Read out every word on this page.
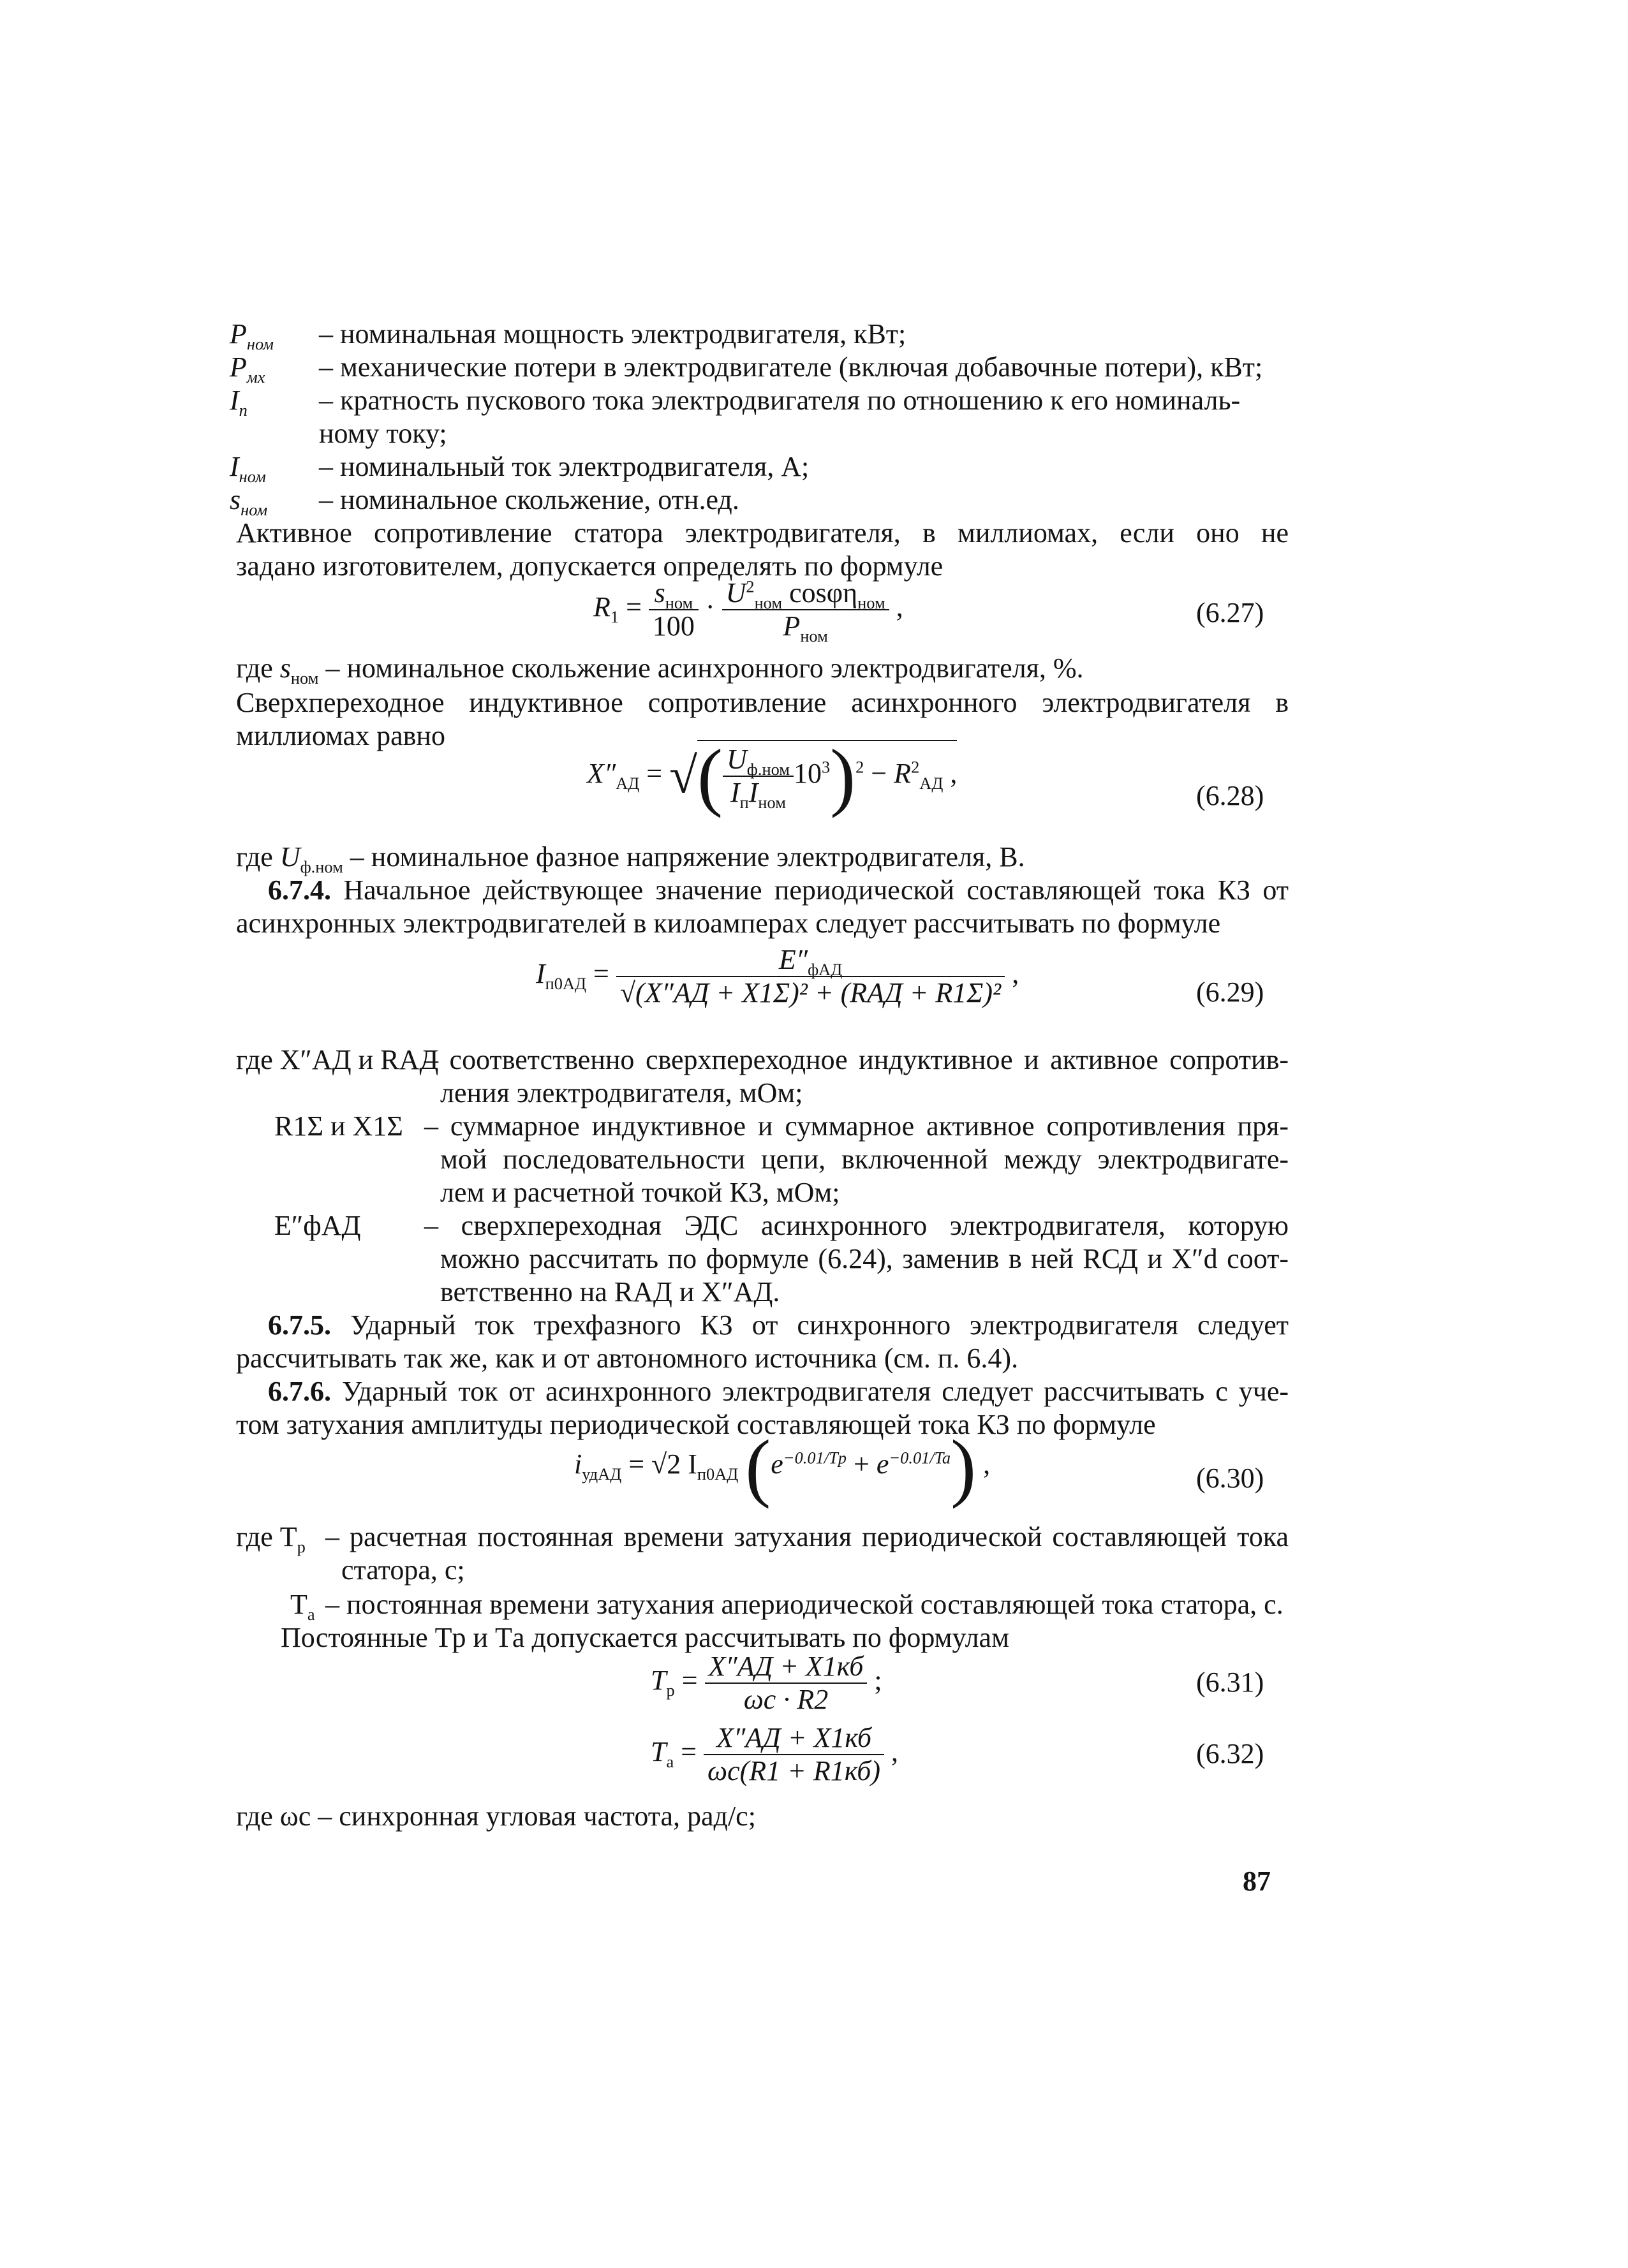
$P_{ном}$ – номинальная мощность электродвигателя, кВт;
$P_{мх}$ – механические потери в электродвигателе (включая добавочные потери), кВт;
$I_п$	– кратность пускового тока электродвигателя по отношению к его номиналь-
ному току;
$I_{ном}$ – номинальный ток электродвигателя, А;
$s_{ном}$ – номинальное скольжение, отн.ед.
Активное сопротивление статора электродвигателя, в миллиомах, если оно не
задано изготовителем, допускается определять по формуле
$R_1 = \frac{s_{ном}}{100} \cdot \frac{U^2_{ном} \cos\varphi\eta_{ном}}{P_{ном}}$ ,	(6.27)
где $s_{ном}$ – номинальное скольжение асинхронного электродвигателя, %.
Сверхпереходное индуктивное сопротивление асинхронного электродвигателя в
миллиомах равно
$X''_{АД}$ = √( $\frac{U_{ф.ном}}{I_пI_{ном}} 10^3)^2 - R^2_{АД}$ ,
(6.28)
где $U_{ф.ном}$ – номинальное фазное напряжение электродвигателя, В.
6.7.4. Начальное действующее значение периодической составляющей тока КЗ от
асинхронных электродвигателей в килоамперах следует рассчитывать по формуле
$I_{п0АД} = \frac{E''_{фАД}}{\text{√(X″АД + X1Σ)² + (RАД + R1Σ)²}}$ ,
(6.29)
где X″АД и RАД
– соответственно сверхпереходное индуктивное и активное сопротив-
ления электродвигателя, мОм;
R1Σ и X1Σ – суммарное индуктивное и суммарное активное сопротивления пря-
мой последовательности цепи, включенной между электродвигате-
лем и расчетной точкой КЗ, мОм;
E″фАД – сверхпереходная ЭДС асинхронного электродвигателя, которую
можно рассчитать по формуле (6.24), заменив в ней RСД и X″d соот-
ветственно на RАД и X″АД.
6.7.5. Ударный ток трехфазного КЗ от синхронного электродвигателя следует
рассчитывать так же, как и от автономного источника (см. п. 6.4).
6.7.6. Ударный ток от асинхронного электродвигателя следует рассчитывать с уче-
том затухания амплитуды периодической составляющей тока КЗ по формуле
$i_{удАД} = √2$ $I_{п0АД}$ $(e^{-0.01/Tp} + e^{-0.01/Ta})$ ,	(6.30)
где $T_р$ – расчетная постоянная времени затухания периодической составляющей тока
статора, с;
$T_а$ – постоянная времени затухания апериодической составляющей тока статора, с.
Постоянные Tр и Tа допускается рассчитывать по формулам
$T_p = \frac{X''АД + X1кб}{\omega с \cdot R2}$ ;	(6.31)
$T_a = \frac{X''АД + X1кб}{\omega с(R1 + R1кб)}$ ,	(6.32)
где ωс – синхронная угловая частота, рад/с;
87
